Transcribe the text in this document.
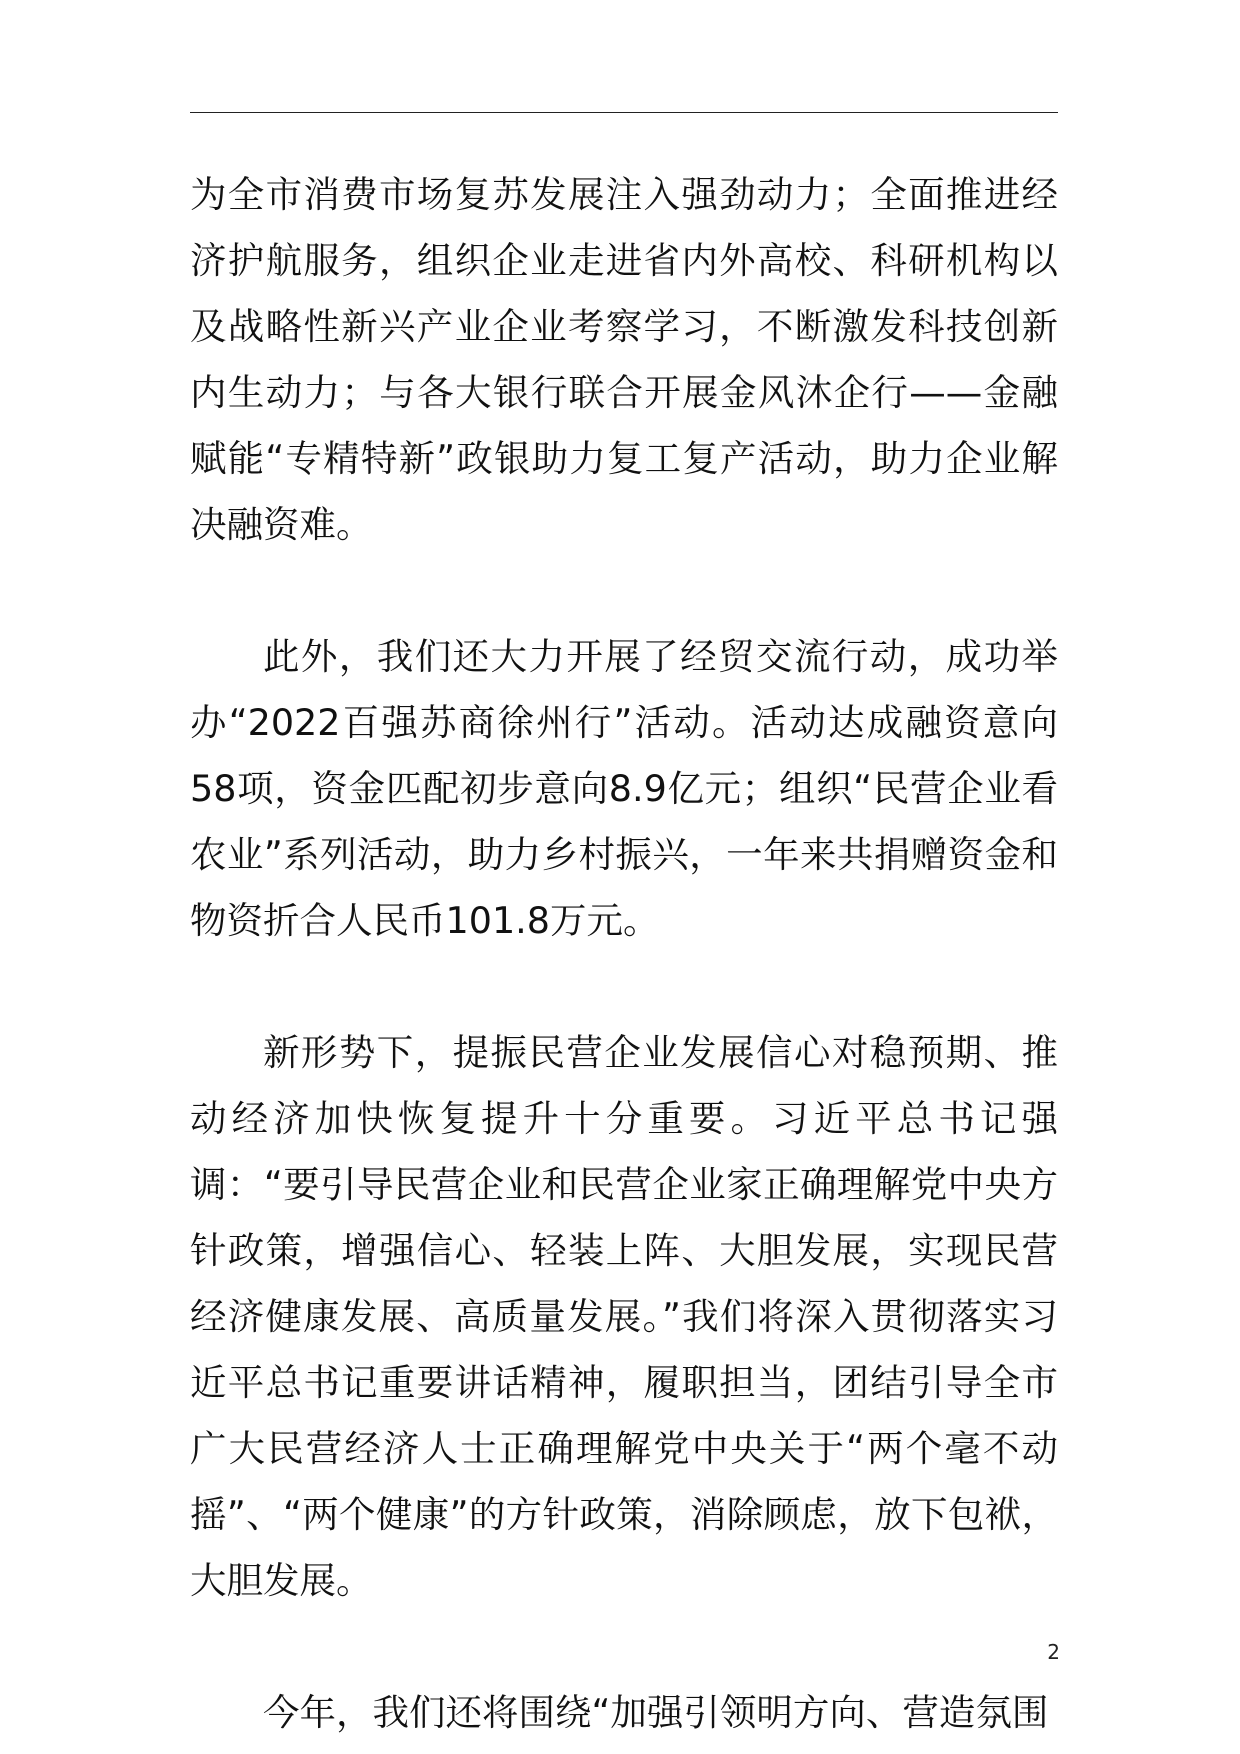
为全市消费市场复苏发展注入强劲动力；全面推进经济护航服务，组织企业走进省内外高校、科研机构以及战略性新兴产业企业考察学习，不断激发科技创新内生动力；与各大银行联合开展金风沐企行——金融赋能“专精特新”政银助力复工复产活动，助力企业解决融资难。

此外，我们还大力开展了经贸交流行动，成功举办“2022百强苏商徐州行”活动。活动达成融资意向58项，资金匹配初步意向8.9亿元；组织“民营企业看农业”系列活动，助力乡村振兴，一年来共捐赠资金和物资折合人民币101.8万元。

新形势下，提振民营企业发展信心对稳预期、推动经济加快恢复提升十分重要。习近平总书记强调：“要引导民营企业和民营企业家正确理解党中央方针政策，增强信心、轻装上阵、大胆发展，实现民营经济健康发展、高质量发展。”我们将深入贯彻落实习近平总书记重要讲话精神，履职担当，团结引导全市广大民营经济人士正确理解党中央关于“两个毫不动摇”、“两个健康”的方针政策，消除顾虑，放下包袱，大胆发展。

今年，我们还将围绕“加强引领明方向、营造氛围

2
